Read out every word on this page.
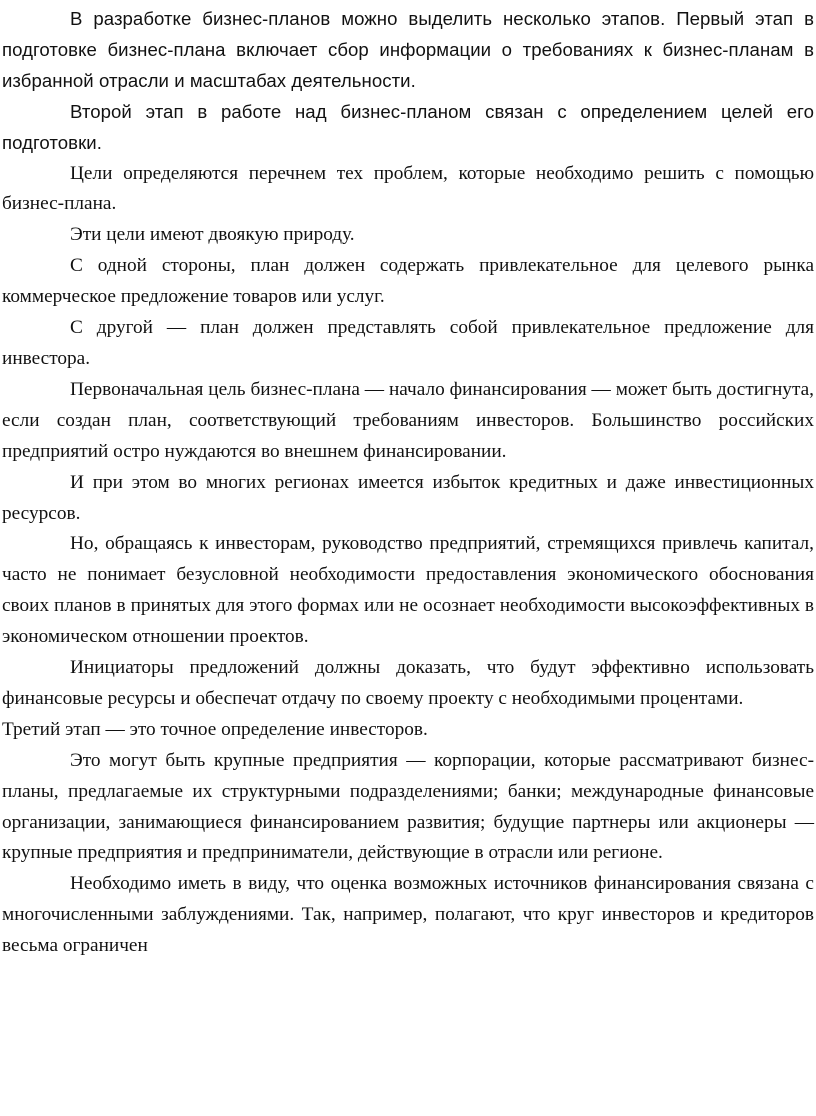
В разработке бизнес-планов можно выделить несколько этапов. Первый этап в подготовке бизнес-плана включает сбор информации о требованиях к бизнес-планам в избранной отрасли и масштабах деятельности.

Второй этап в работе над бизнес-планом связан с определением целей его подготовки.

Цели определяются перечнем тех проблем, которые необходимо решить с помощью бизнес-плана.

Эти цели имеют двоякую природу.

С одной стороны, план должен содержать привлекательное для целевого рынка коммерческое предложение товаров или услуг.

С другой — план должен представлять собой привлекательное предложение для инвестора.

Первоначальная цель бизнес-плана — начало финансирования — может быть достигнута, если создан план, соответствующий требованиям инвесторов. Большинство российских предприятий остро нуждаются во внешнем финансировании.

И при этом во многих регионах имеется избыток кредитных и даже инвестиционных ресурсов.

Но, обращаясь к инвесторам, руководство предприятий, стремящихся привлечь капитал, часто не понимает безусловной необходимости предоставления экономического обоснования своих планов в принятых для этого формах или не осознает необходимости высокоэффективных в экономическом отношении проектов.

Инициаторы предложений должны доказать, что будут эффективно использовать финансовые ресурсы и обеспечат отдачу по своему проекту с необходимыми процентами.

Третий этап — это точное определение инвесторов.

Это могут быть крупные предприятия — корпорации, которые рассматривают бизнес-планы, предлагаемые их структурными подразделениями; банки; международные финансовые организации, занимающиеся финансированием развития; будущие партнеры или акционеры — крупные предприятия и предприниматели, действующие в отрасли или регионе.

Необходимо иметь в виду, что оценка возможных источников финансирования связана с многочисленными заблуждениями. Так, например, полагают, что круг инвесторов и кредиторов весьма ограничен
